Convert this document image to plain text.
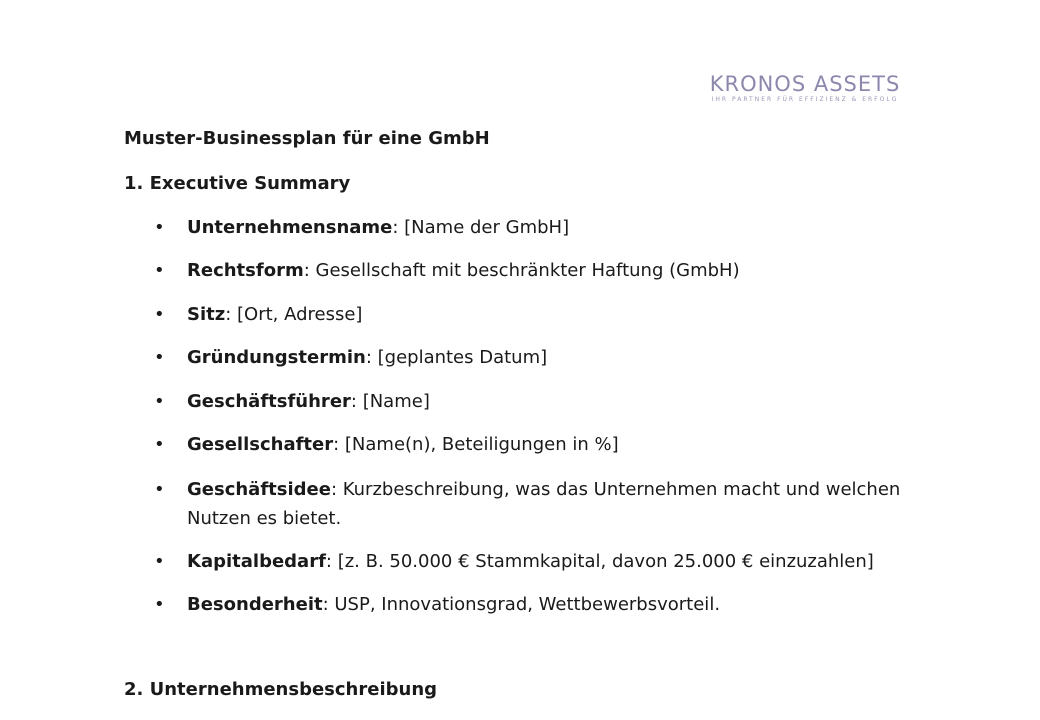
KRONOS ASSETS
IHR PARTNER FÜR EFFIZIENZ & ERFOLG
Muster-Businessplan für eine GmbH
1. Executive Summary
• Unternehmensname: [Name der GmbH]
• Rechtsform: Gesellschaft mit beschränkter Haftung (GmbH)
• Sitz: [Ort, Adresse]
• Gründungstermin: [geplantes Datum]
• Geschäftsführer: [Name]
• Gesellschafter: [Name(n), Beteiligungen in %]
• Geschäftsidee: Kurzbeschreibung, was das Unternehmen macht und welchen Nutzen es bietet.
• Kapitalbedarf: [z. B. 50.000 € Stammkapital, davon 25.000 € einzuzahlen]
• Besonderheit: USP, Innovationsgrad, Wettbewerbsvorteil.
2. Unternehmensbeschreibung
